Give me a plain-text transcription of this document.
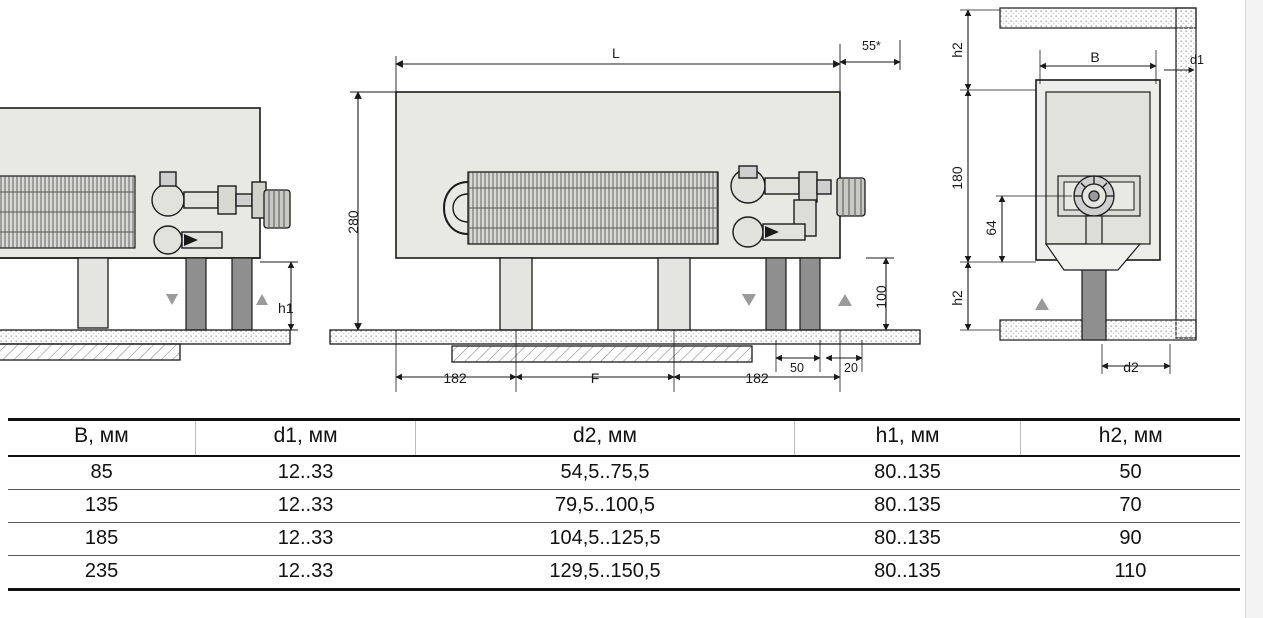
h1
L	55*
280
100
182	F	182
50	20
B	d1
h2
180
h2
64
d2
B, мм	d1, мм	d2, мм	h1, мм	h2, мм
85	12..33	54,5..75,5	80..135	50
135	12..33	79,5..100,5	80..135	70
185	12..33	104,5..125,5	80..135	90
235	12..33	129,5..150,5	80..135	110
